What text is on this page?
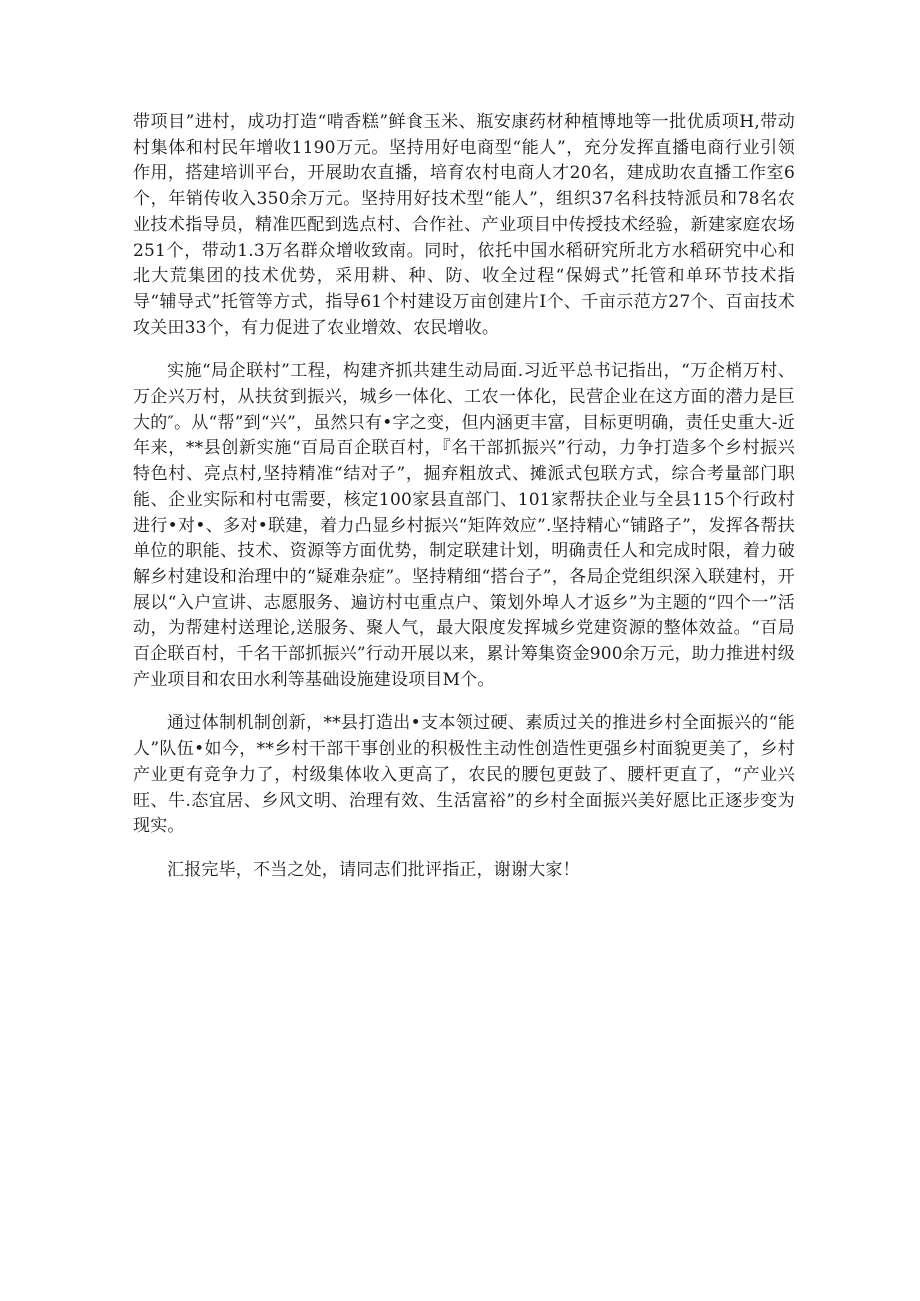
带项目”进村，成功打造“啃香糕”鲜食玉米、瓶安康药材种植博地等一批优质项H,带动村集体和村民年增收1190万元。坚持用好电商型“能人”，充分发挥直播电商行业引领作用，搭建培训平台，开展助农直播，培育农村电商人才20名，建成助农直播工作室6个，年销传收入350余万元。坚持用好技术型“能人”，组织37名科技特派员和78名农业技术指导员，精准匹配到选点村、合作社、产业项目中传授技术经验，新建家庭农场251个，带动1.3万名群众增收致南。同时，依托中国水稻研究所北方水稻研究中心和北大荒集团的技术优势，采用耕、种、防、收全过程“保姆式”托管和单环节技术指导“辅导式”托管等方式，指导61个村建设万亩创建片I个、千亩示范方27个、百亩技术攻关田33个，有力促进了农业增效、农民增收。

实施“局企联村”工程，构建齐抓共建生动局面.习近平总书记指出，“万企梢万村、万企兴万村，从扶贫到振兴，城乡一体化、工农一体化，民营企业在这方面的潜力是巨大的″。从“帮”到“兴”，虽然只有•字之变，但内涵更丰富，目标更明确，责任史重大-近年来，**县创新实施“百局百企联百村，『名干部抓振兴”行动，力争打造多个乡村振兴特色村、亮点村,坚持精准“结对子”，掘弃粗放式、摊派式包联方式，综合考量部门职能、企业实际和村屯需要，核定100家县直部门、101家帮扶企业与全县115个行政村进行•对•、多对•联建，着力凸显乡村振兴“矩阵效应”.坚持精心“铺路子”，发挥各帮扶单位的职能、技术、资源等方面优势，制定联建计划，明确责任人和完成时限，着力破解乡村建设和治理中的“疑难杂症”。坚持精细“搭台子”，各局企党组织深入联建村，开展以“入户宣讲、志愿服务、遍访村屯重点户、策划外埠人才返乡”为主题的“四个一”活动，为帮建村送理论,送服务、聚人气，最大限度发挥城乡党建资源的整体效益。“百局百企联百村，千名干部抓振兴”行动开展以来，累计筹集资金900余万元，助力推进村级产业项目和农田水利等基础设施建设项目M个。

通过体制机制创新，**县打造出•支本领过硬、素质过关的推进乡村全面振兴的“能人”队伍•如今，**乡村干部干事创业的积极性主动性创造性更强乡村面貌更美了，乡村产业更有竞争力了，村级集体收入更高了，农民的腰包更鼓了、腰杆更直了，“产业兴旺、牛.态宜居、乡风文明、治理有效、生活富裕”的乡村全面振兴美好愿比正逐步变为现实。

汇报完毕，不当之处，请同志们批评指正，谢谢大家！
